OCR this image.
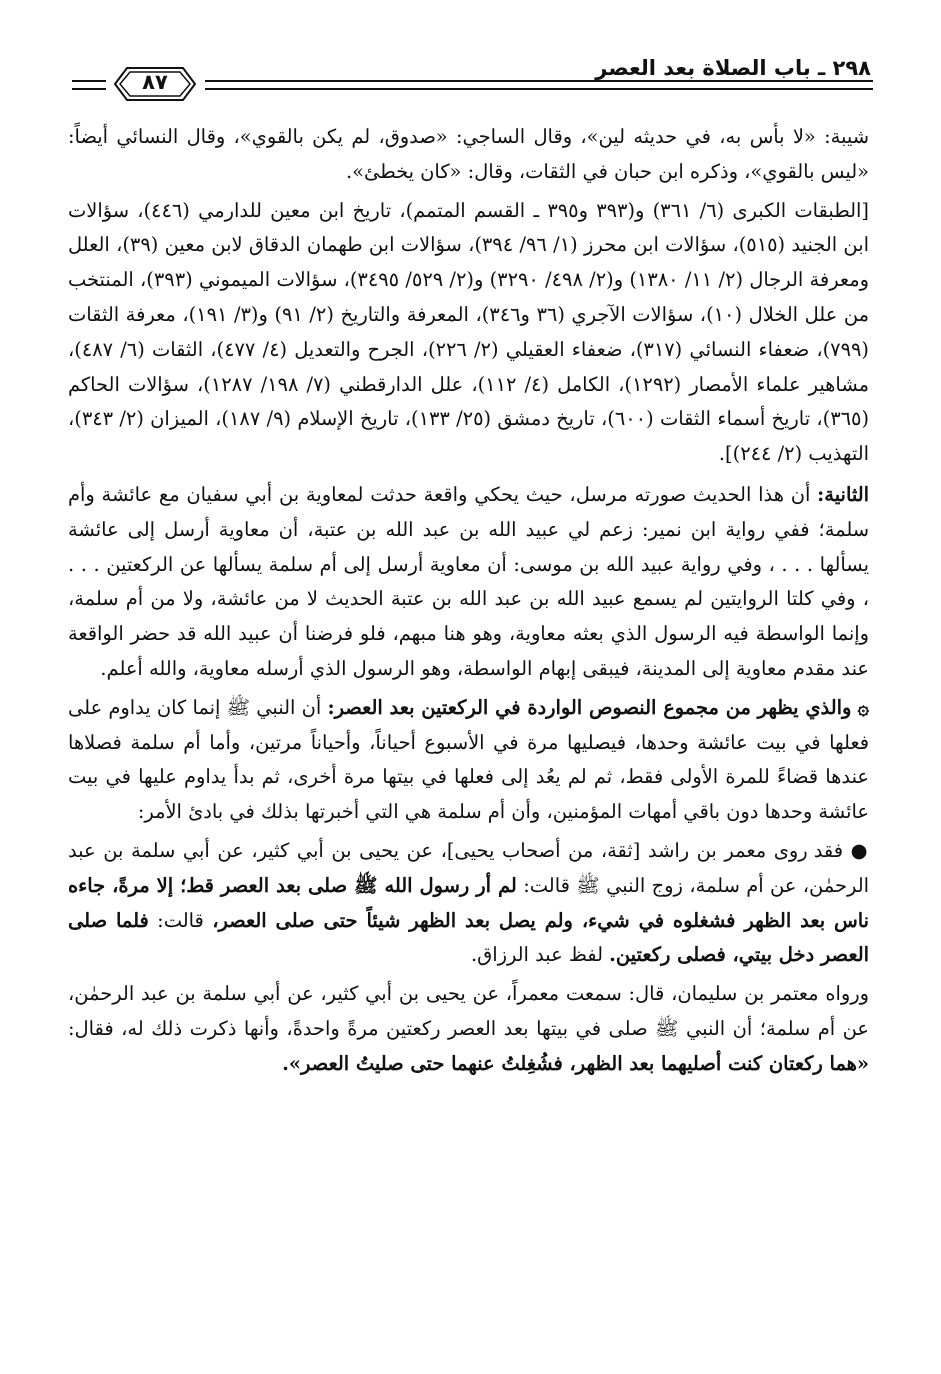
٨٧
٢٩٨ ـ باب الصلاة بعد العصر

شيبة: «لا بأس به، في حديثه لين»، وقال الساجي: «صدوق، لم يكن بالقوي»، وقال النسائي أيضاً: «ليس بالقوي»، وذكره ابن حبان في الثقات، وقال: «كان يخطئ».

[الطبقات الكبرى (٦/ ٣٦١) و(٣٩٣ و٣٩٥ ـ القسم المتمم)، تاريخ ابن معين للدارمي (٤٤٦)، سؤالات ابن الجنيد (٥١٥)، سؤالات ابن محرز (١/ ٩٦/ ٣٩٤)، سؤالات ابن طهمان الدقاق لابن معين (٣٩)، العلل ومعرفة الرجال (٢/ ١١/ ١٣٨٠) و(٢/ ٤٩٨/ ٣٢٩٠) و(٢/ ٥٢٩/ ٣٤٩٥)، سؤالات الميموني (٣٩٣)، المنتخب من علل الخلال (١٠)، سؤالات الآجري (٣٦ و٣٤٦)، المعرفة والتاريخ (٢/ ٩١) و(٣/ ١٩١)، معرفة الثقات (٧٩٩)، ضعفاء النسائي (٣١٧)، ضعفاء العقيلي (٢/ ٢٢٦)، الجرح والتعديل (٤/ ٤٧٧)، الثقات (٦/ ٤٨٧)، مشاهير علماء الأمصار (١٢٩٢)، الكامل (٤/ ١١٢)، علل الدارقطني (٧/ ١٩٨/ ١٢٨٧)، سؤالات الحاكم (٣٦٥)، تاريخ أسماء الثقات (٦٠٠)، تاريخ دمشق (٢٥/ ١٣٣)، تاريخ الإسلام (٩/ ١٨٧)، الميزان (٢/ ٣٤٣)، التهذيب (٢/ ٢٤٤)].

الثانية: أن هذا الحديث صورته مرسل، حيث يحكي واقعة حدثت لمعاوية بن أبي سفيان مع عائشة وأم سلمة؛ ففي رواية ابن نمير: زعم لي عبيد الله بن عبد الله بن عتبة، أن معاوية أرسل إلى عائشة يسألها . . . ، وفي رواية عبيد الله بن موسى: أن معاوية أرسل إلى أم سلمة يسألها عن الركعتين . . . ، وفي كلتا الروايتين لم يسمع عبيد الله بن عبد الله بن عتبة الحديث لا من عائشة، ولا من أم سلمة، وإنما الواسطة فيه الرسول الذي بعثه معاوية، وهو هنا مبهم، فلو فرضنا أن عبيد الله قد حضر الواقعة عند مقدم معاوية إلى المدينة، فيبقى إبهام الواسطة، وهو الرسول الذي أرسله معاوية، والله أعلم.

۞ والذي يظهر من مجموع النصوص الواردة في الركعتين بعد العصر: أن النبي ﷺ إنما كان يداوم على فعلها في بيت عائشة وحدها، فيصليها مرة في الأسبوع أحياناً، وأحياناً مرتين، وأما أم سلمة فصلاها عندها قضاءً للمرة الأولى فقط، ثم لم يعُد إلى فعلها في بيتها مرة أخرى، ثم بدأ يداوم عليها في بيت عائشة وحدها دون باقي أمهات المؤمنين، وأن أم سلمة هي التي أخبرتها بذلك في بادئ الأمر:

● فقد روى معمر بن راشد [ثقة، من أصحاب يحيى]، عن يحيى بن أبي كثير، عن أبي سلمة بن عبد الرحمٰن، عن أم سلمة، زوج النبي ﷺ قالت: لم أر رسول الله ﷺ صلى بعد العصر قط؛ إلا مرةً، جاءه ناس بعد الظهر فشغلوه في شيء، ولم يصل بعد الظهر شيئاً حتى صلى العصر، قالت: فلما صلى العصر دخل بيتي، فصلى ركعتين. لفظ عبد الرزاق.

ورواه معتمر بن سليمان، قال: سمعت معمراً، عن يحيى بن أبي كثير، عن أبي سلمة بن عبد الرحمٰن، عن أم سلمة؛ أن النبي ﷺ صلى في بيتها بعد العصر ركعتين مرةً واحدةً، وأنها ذكرت ذلك له، فقال: «هما ركعتان كنت أصليهما بعد الظهر، فشُغِلتُ عنهما حتى صليتُ العصر».
